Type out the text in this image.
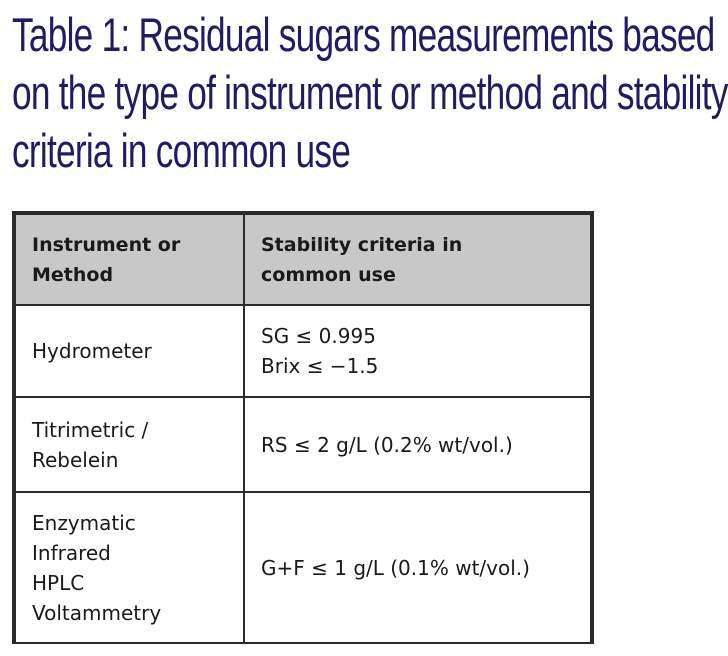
Table 1: Residual sugars measurements based
on the type of instrument or method and stability
criteria in common use
Instrument or
Method	Stability criteria in
common use

Hydrometer	SG ≤ 0.995
Brix ≤ −1.5

Titrimetric /
Rebelein	RS ≤ 2 g/L (0.2% wt/vol.)

Enzymatic
Infrared
HPLC
Voltammetry	G+F ≤ 1 g/L (0.1% wt/vol.)
